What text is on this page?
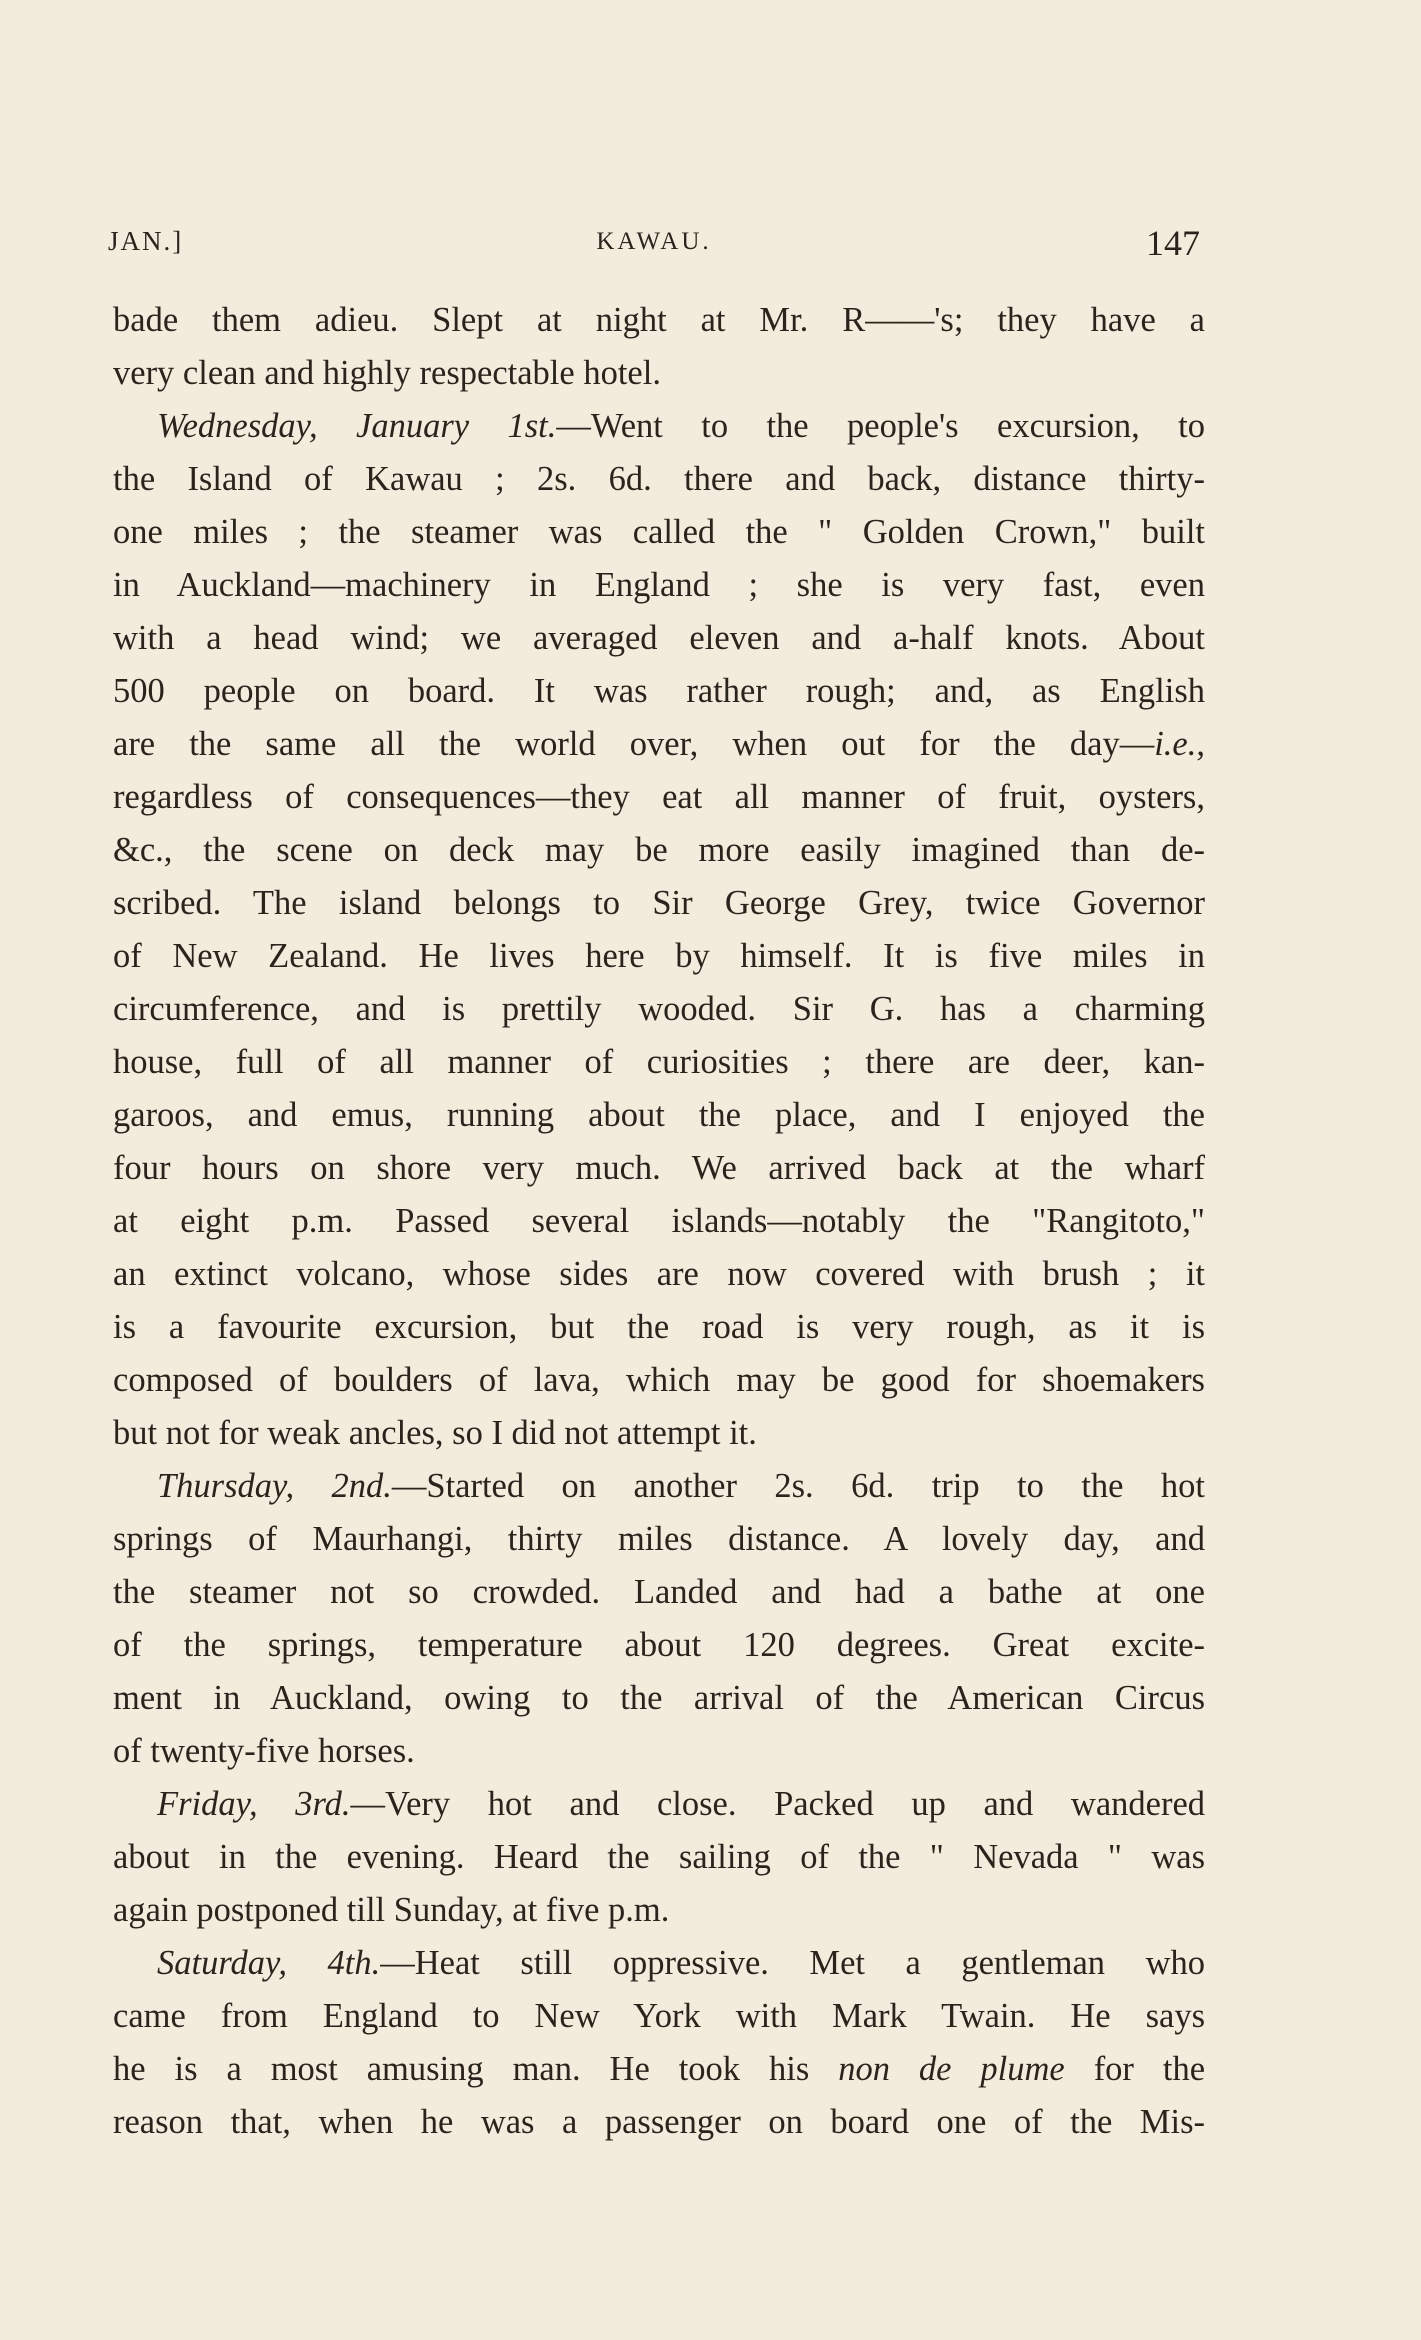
JAN.]	KAWAU.	147
bade them adieu. Slept at night at Mr. R——'s; they have a
very clean and highly respectable hotel.
Wednesday, January 1st.—Went to the people's excursion, to
the Island of Kawau ; 2s. 6d. there and back, distance thirty-
one miles ; the steamer was called the " Golden Crown," built
in Auckland—machinery in England ; she is very fast, even
with a head wind; we averaged eleven and a-half knots. About
500 people on board. It was rather rough; and, as English
are the same all the world over, when out for the day—i.e.,
regardless of consequences—they eat all manner of fruit, oysters,
&c., the scene on deck may be more easily imagined than de-
scribed. The island belongs to Sir George Grey, twice Governor
of New Zealand. He lives here by himself. It is five miles in
circumference, and is prettily wooded. Sir G. has a charming
house, full of all manner of curiosities ; there are deer, kan-
garoos, and emus, running about the place, and I enjoyed the
four hours on shore very much. We arrived back at the wharf
at eight p.m. Passed several islands—notably the "Rangitoto,"
an extinct volcano, whose sides are now covered with brush ; it
is a favourite excursion, but the road is very rough, as it is
composed of boulders of lava, which may be good for shoemakers
but not for weak ancles, so I did not attempt it.
Thursday, 2nd.—Started on another 2s. 6d. trip to the hot
springs of Maurhangi, thirty miles distance. A lovely day, and
the steamer not so crowded. Landed and had a bathe at one
of the springs, temperature about 120 degrees. Great excite-
ment in Auckland, owing to the arrival of the American Circus
of twenty-five horses.
Friday, 3rd.—Very hot and close. Packed up and wandered
about in the evening. Heard the sailing of the " Nevada " was
again postponed till Sunday, at five p.m.
Saturday, 4th.—Heat still oppressive. Met a gentleman who
came from England to New York with Mark Twain. He says
he is a most amusing man. He took his non de plume for the
reason that, when he was a passenger on board one of the Mis-
